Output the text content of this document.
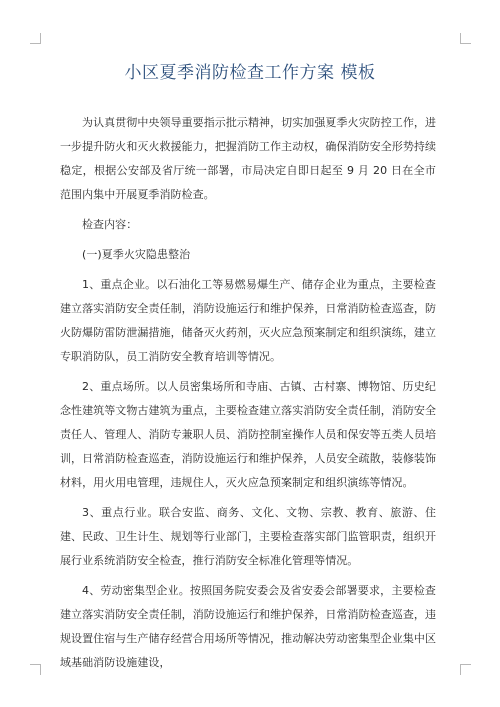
小区夏季消防检查工作方案 模板

为认真贯彻中央领导重要指示批示精神，切实加强夏季火灾防控工作，进一步提升防火和灭火救援能力，把握消防工作主动权，确保消防安全形势持续稳定，根据公安部及省厅统一部署，市局决定自即日起至 9 月 20 日在全市范围内集中开展夏季消防检查。

检查内容：

(一)夏季火灾隐患整治

1、重点企业。以石油化工等易燃易爆生产、储存企业为重点，主要检查建立落实消防安全责任制，消防设施运行和维护保养，日常消防检查巡查，防火防爆防雷防泄漏措施，储备灭火药剂，灭火应急预案制定和组织演练，建立专职消防队，员工消防安全教育培训等情况。

2、重点场所。以人员密集场所和寺庙、古镇、古村寨、博物馆、历史纪念性建筑等文物古建筑为重点，主要检查建立落实消防安全责任制，消防安全责任人、管理人、消防专兼职人员、消防控制室操作人员和保安等五类人员培训，日常消防检查巡查，消防设施运行和维护保养，人员安全疏散，装修装饰材料，用火用电管理，违规住人，灭火应急预案制定和组织演练等情况。

3、重点行业。联合安监、商务、文化、文物、宗教、教育、旅游、住建、民政、卫生计生、规划等行业部门，主要检查落实部门监管职责，组织开展行业系统消防安全检查，推行消防安全标准化管理等情况。

4、劳动密集型企业。按照国务院安委会及省安委会部署要求，主要检查建立落实消防安全责任制，消防设施运行和维护保养，日常消防检查巡查，违规设置住宿与生产储存经营合用场所等情况，推动解决劳动密集型企业集中区域基础消防设施建设，
